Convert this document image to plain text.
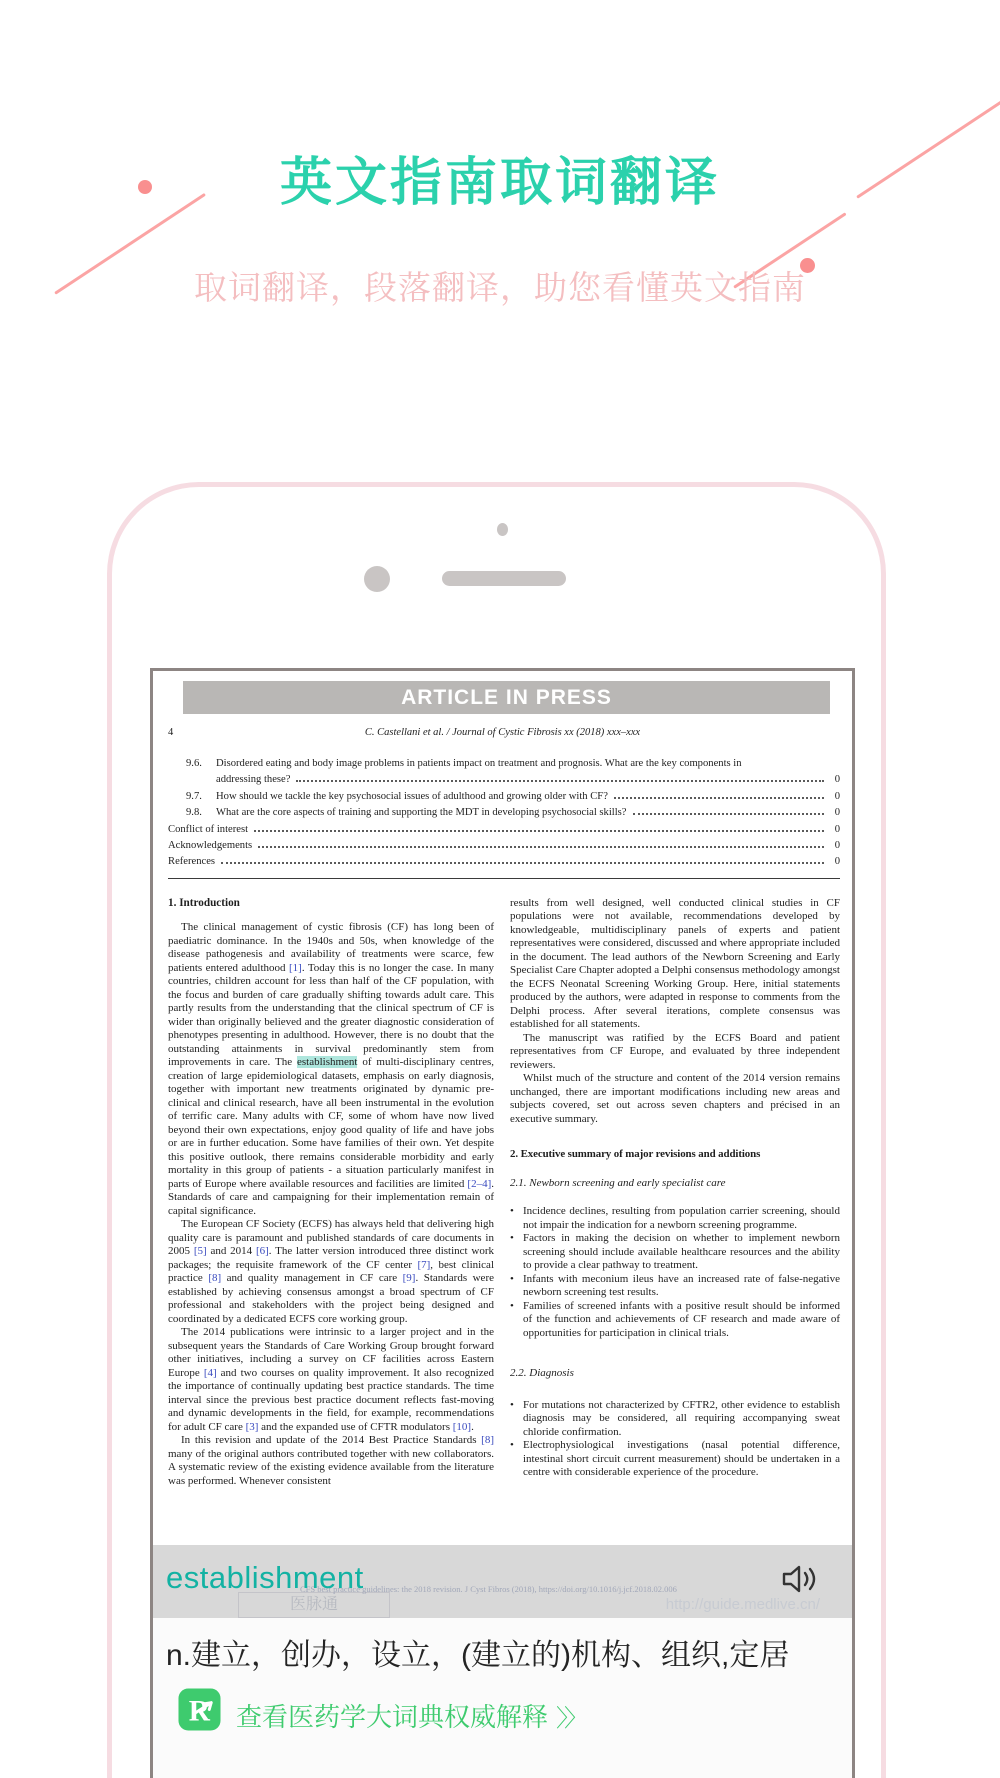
英文指南取词翻译
取词翻译，段落翻译，助您看懂英文指南
ARTICLE IN PRESS
4	C. Castellani et al. / Journal of Cystic Fibrosis xx (2018) xxx–xxx
9.6.	Disordered eating and body image problems in patients impact on treatment and prognosis. What are the key components in
addressing these?	0
9.7.	How should we tackle the key psychosocial issues of adulthood and growing older with CF?	0
9.8.	What are the core aspects of training and supporting the MDT in developing psychosocial skills?	0
Conflict of interest	0
Acknowledgements	0
References	0
1. Introduction

The clinical management of cystic fibrosis (CF) has long been of paediatric dominance. In the 1940s and 50s, when knowledge of the disease pathogenesis and availability of treatments were scarce, few patients entered adulthood [1]. Today this is no longer the case. In many countries, children account for less than half of the CF population, with the focus and burden of care gradually shifting towards adult care. This partly results from the understanding that the clinical spectrum of CF is wider than originally believed and the greater diagnostic consideration of phenotypes presenting in adulthood. However, there is no doubt that the outstanding attainments in survival predominantly stem from improvements in care. The establishment of multi-disciplinary centres, creation of large epidemiological datasets, emphasis on early diagnosis, together with important new treatments originated by dynamic pre-clinical and clinical research, have all been instrumental in the evolution of terrific care. Many adults with CF, some of whom have now lived beyond their own expectations, enjoy good quality of life and have jobs or are in further education. Some have families of their own. Yet despite this positive outlook, there remains considerable morbidity and early mortality in this group of patients - a situation particularly manifest in parts of Europe where available resources and facilities are limited [2–4]. Standards of care and campaigning for their implementation remain of capital significance.

The European CF Society (ECFS) has always held that delivering high quality care is paramount and published standards of care documents in 2005 [5] and 2014 [6]. The latter version introduced three distinct work packages; the requisite framework of the CF center [7], best clinical practice [8] and quality management in CF care [9]. Standards were established by achieving consensus amongst a broad spectrum of CF professional and stakeholders with the project being designed and coordinated by a dedicated ECFS core working group.

The 2014 publications were intrinsic to a larger project and in the subsequent years the Standards of Care Working Group brought forward other initiatives, including a survey on CF facilities across Eastern Europe [4] and two courses on quality improvement. It also recognized the importance of continually updating best practice standards. The time interval since the previous best practice document reflects fast-moving and dynamic developments in the field, for example, recommendations for adult CF care [3] and the expanded use of CFTR modulators [10].

In this revision and update of the 2014 Best Practice Standards [8] many of the original authors contributed together with new collaborators. A systematic review of the existing evidence available from the literature was performed. Whenever consistent

results from well designed, well conducted clinical studies in CF populations were not available, recommendations developed by knowledgeable, multidisciplinary panels of experts and patient representatives were considered, discussed and where appropriate included in the document. The lead authors of the Newborn Screening and Early Specialist Care Chapter adopted a Delphi consensus methodology amongst the ECFS Neonatal Screening Working Group. Here, initial statements produced by the authors, were adapted in response to comments from the Delphi process. After several iterations, complete consensus was established for all statements.

The manuscript was ratified by the ECFS Board and patient representatives from CF Europe, and evaluated by three independent reviewers.

Whilst much of the structure and content of the 2014 version remains unchanged, there are important modifications including new areas and subjects covered, set out across seven chapters and précised in an executive summary.

2. Executive summary of major revisions and additions
2.1. Newborn screening and early specialist care
• Incidence declines, resulting from population carrier screening, should not impair the indication for a newborn screening programme.
• Factors in making the decision on whether to implement newborn screening should include available healthcare resources and the ability to provide a clear pathway to treatment.
• Infants with meconium ileus have an increased rate of false-negative newborn screening test results.
• Families of screened infants with a positive result should be informed of the function and achievements of CF research and made aware of opportunities for participation in clinical trials.
2.2. Diagnosis
• For mutations not characterized by CFTR2, other evidence to establish diagnosis may be considered, all requiring accompanying sweat chloride confirmation.
• Electrophysiological investigations (nasal potential difference, intestinal short circuit current measurement) should be undertaken in a centre with considerable experience of the procedure.
医脉通
CFS best practice guidelines: the 2018 revision. J Cyst Fibros (2018), https://doi.org/10.1016/j.jcf.2018.02.006
http://guide.medlive.cn/
establishment
n.建立，创办，设立，(建立的)机构、组织,定居
R 查看医药学大词典权威解释 〉〉
